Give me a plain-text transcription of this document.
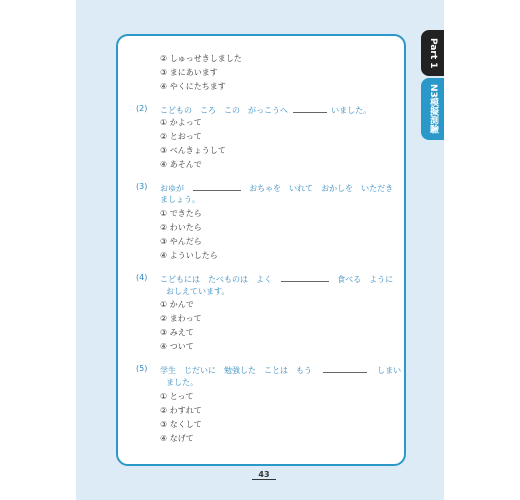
Part 1
N3模擬測驗
② しゅっせきしました
③ まにあいます
④ やくにたちます
(2) こどもの　ころ　この　がっこうへ	いました。
① かよって
② とおって
③ べんきょうして
④ あそんで
(3) おゆが	おちゃを　いれて　おかしを　いただき
ましょう。
① できたら
② わいたら
③ やんだら
④ よういしたら
(4) こどもには　たべものは　よく	食べる　ように
おしえています。
① かんで
② まわって
③ みえて
④ ついて
(5) 学生　じだいに　勉強した　ことは　もう	しまい
ました。
① とって
② わすれて
③ なくして
④ なげて
43
